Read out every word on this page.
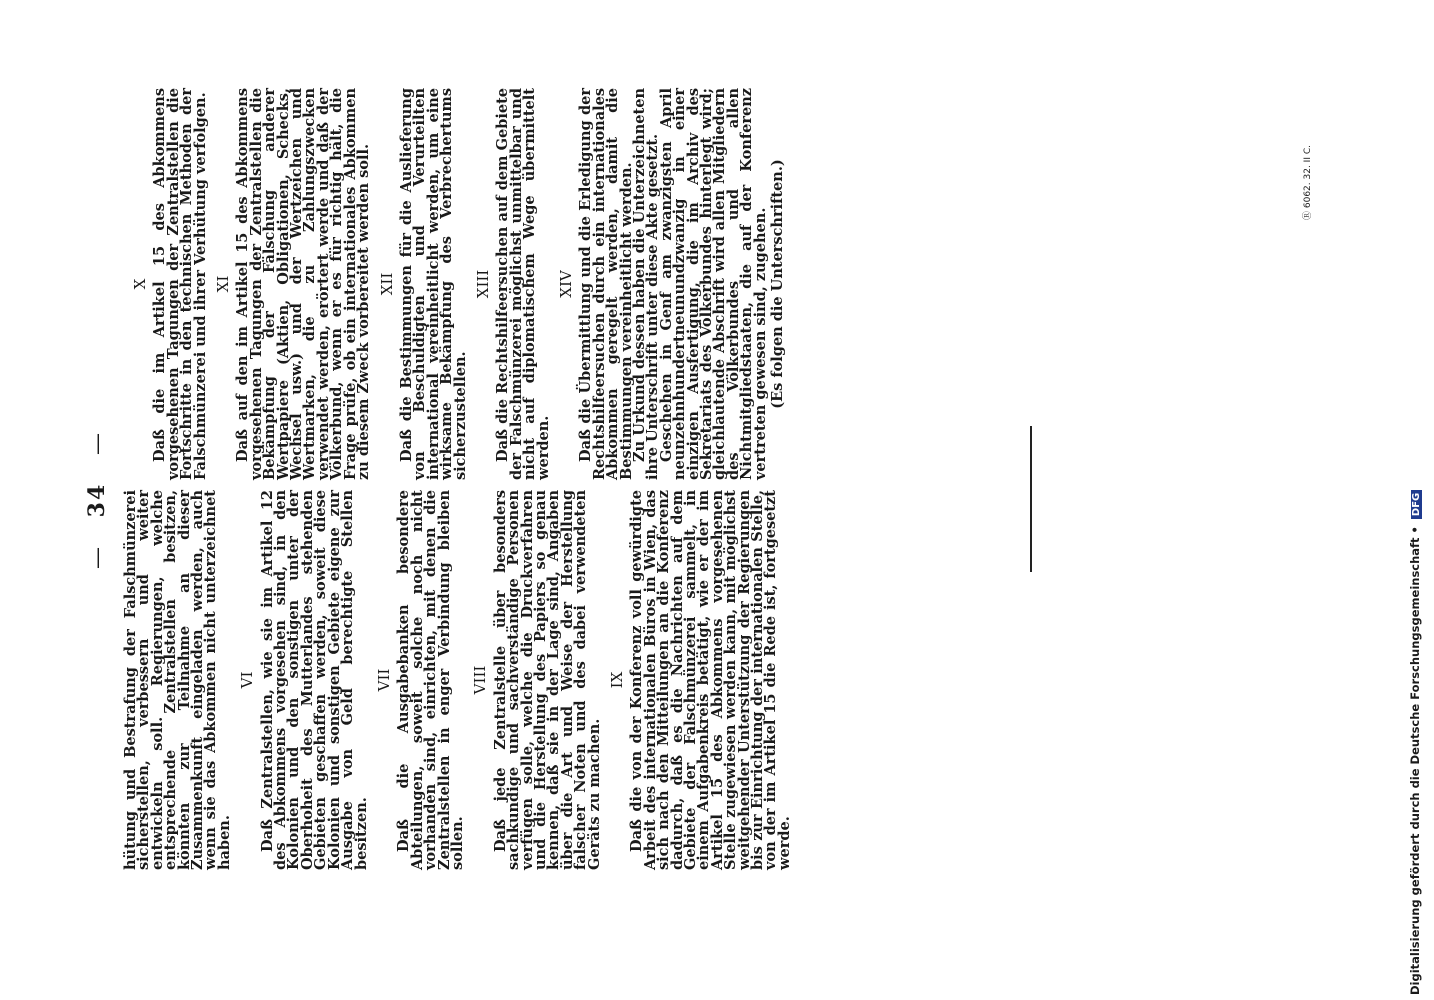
— 34 —

hütung und Bestrafung der Falschmünzerei sicherstellen, verbessern und weiter entwickeln soll. Regierungen, welche entsprechende Zentralstellen besitzen, könnten zur Teilnahme an dieser Zusammenkunft eingeladen werden, auch wenn sie das Abkommen nicht unterzeichnet haben.

VI Daß Zentralstellen, wie sie im Artikel 12 des Abkommens vorgesehen sind, in den Kolonien und den sonstigen unter der Oberhoheit des Mutterlandes stehenden Gebieten geschaffen werden, soweit diese Kolonien und sonstigen Gebiete eigene zur Ausgabe von Geld berechtigte Stellen besitzen.

VII Daß die Ausgabebanken besondere Abteilungen, soweit solche noch nicht vorhanden sind, einrichten, mit denen die Zentralstellen in enger Verbindung bleiben sollen.

VIII Daß jede Zentralstelle über besonders sachkundige und sachverständige Personen verfügen solle, welche die Druckverfahren und die Herstellung des Papiers so genau kennen, daß sie in der Lage sind, Angaben über die Art und Weise der Herstellung falscher Noten und des dabei verwendeten Geräts zu machen.

IX Daß die von der Konferenz voll gewürdigte Arbeit des internationalen Büros in Wien, das sich nach den Mitteilungen an die Konferenz dadurch, daß es die Nachrichten auf dem Gebiete der Falschmünzerei sammelt, in einem Aufgabenkreis betätigt, wie er der im Artikel 15 des Abkommens vorgesehenen Stelle zugewiesen werden kann, mit möglichst weitgehender Unterstützung der Regierungen bis zur Einrichtung der internationalen Stelle, von der im Artikel 15 die Rede ist, fortgesetzt werde.

X Daß die im Artikel 15 des Abkommens vorgesehenen Tagungen der Zentralstellen die Fortschritte in den technischen Methoden der Falschmünzerei und ihrer Verhütung verfolgen. XI Daß auf den im Artikel 15 des Abkommens vorgesehenen Tagungen der Zentralstellen die Bekämpfung der Fälschung anderer Wertpapiere (Aktien, Obligationen, Schecks, Wechsel usw.) und der Wertzeichen und Wertmarken, die zu Zahlungszwecken verwendet werden, erörtert werde und daß der Völkerbund, wenn er es für richtig hält, die Frage prüfe, ob ein internationales Abkommen zu diesem Zweck vorbereitet werden soll. XII Daß die Bestimmungen für die Auslieferung von Beschuldigten und Verurteilten international vereinheitlicht werden, um eine wirksame Bekämpfung des Verbrechertums sicherzustellen.

XIII Daß die Rechtshilfeersuchen auf dem Gebiete der Falschmünzerei möglichst unmittelbar und nicht auf diplomatischem Wege übermittelt werden.

XIV Daß die Übermittlung und die Erledigung der Rechtshilfeersuchen durch ein internationales Abkommen geregelt werden, damit die Bestimmungen vereinheitlicht werden.

Zu Urkund dessen haben die Unterzeichneten ihre Unterschrift unter diese Akte gesetzt.

Geschehen in Genf am zwanzigsten April neunzehnhundertneunundzwanzig in einer einzigen Ausfertigung, die im Archiv des Sekretariats des Völkerbundes hinterlegt wird; gleichlautende Abschrift wird allen Mitgliedern des Völkerbundes und allen Nichtmitgliedstaaten, die auf der Konferenz vertreten gewesen sind, zugehen. (Es folgen die Unterschriften.)
Digitalisierung gefördert durch die Deutsche Forschungsgemeinschaft • DFG
Ⓡ 6062. 32. II C.
